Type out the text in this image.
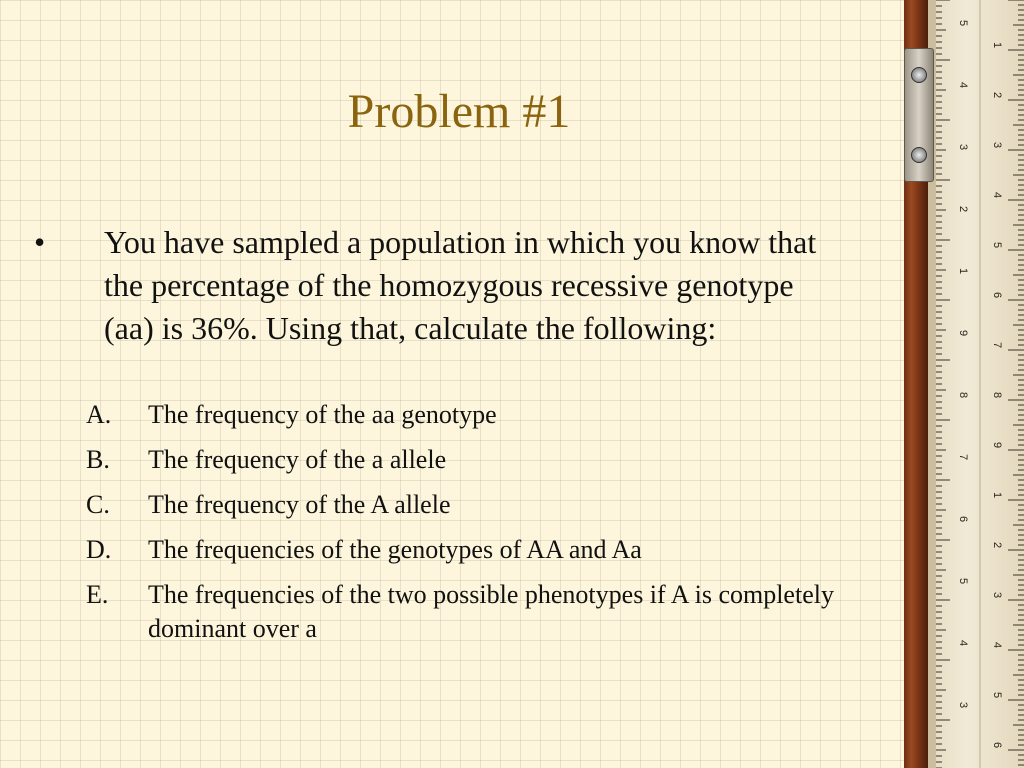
Problem #1
•	You have sampled a population in which you know that the percentage of the homozygous recessive genotype (aa) is 36%. Using that, calculate the following:
A. The frequency of the aa genotype
B. The frequency of the a allele
C. The frequency of the A allele
D. The frequencies of the genotypes of AA and Aa
E. The frequencies of the two possible phenotypes if A is completely dominant over a
5
4
3
2
1
9
8
7
6
5
4
3
1
2
3
4
5
6
7
8
9
1
2
3
4
5
6
